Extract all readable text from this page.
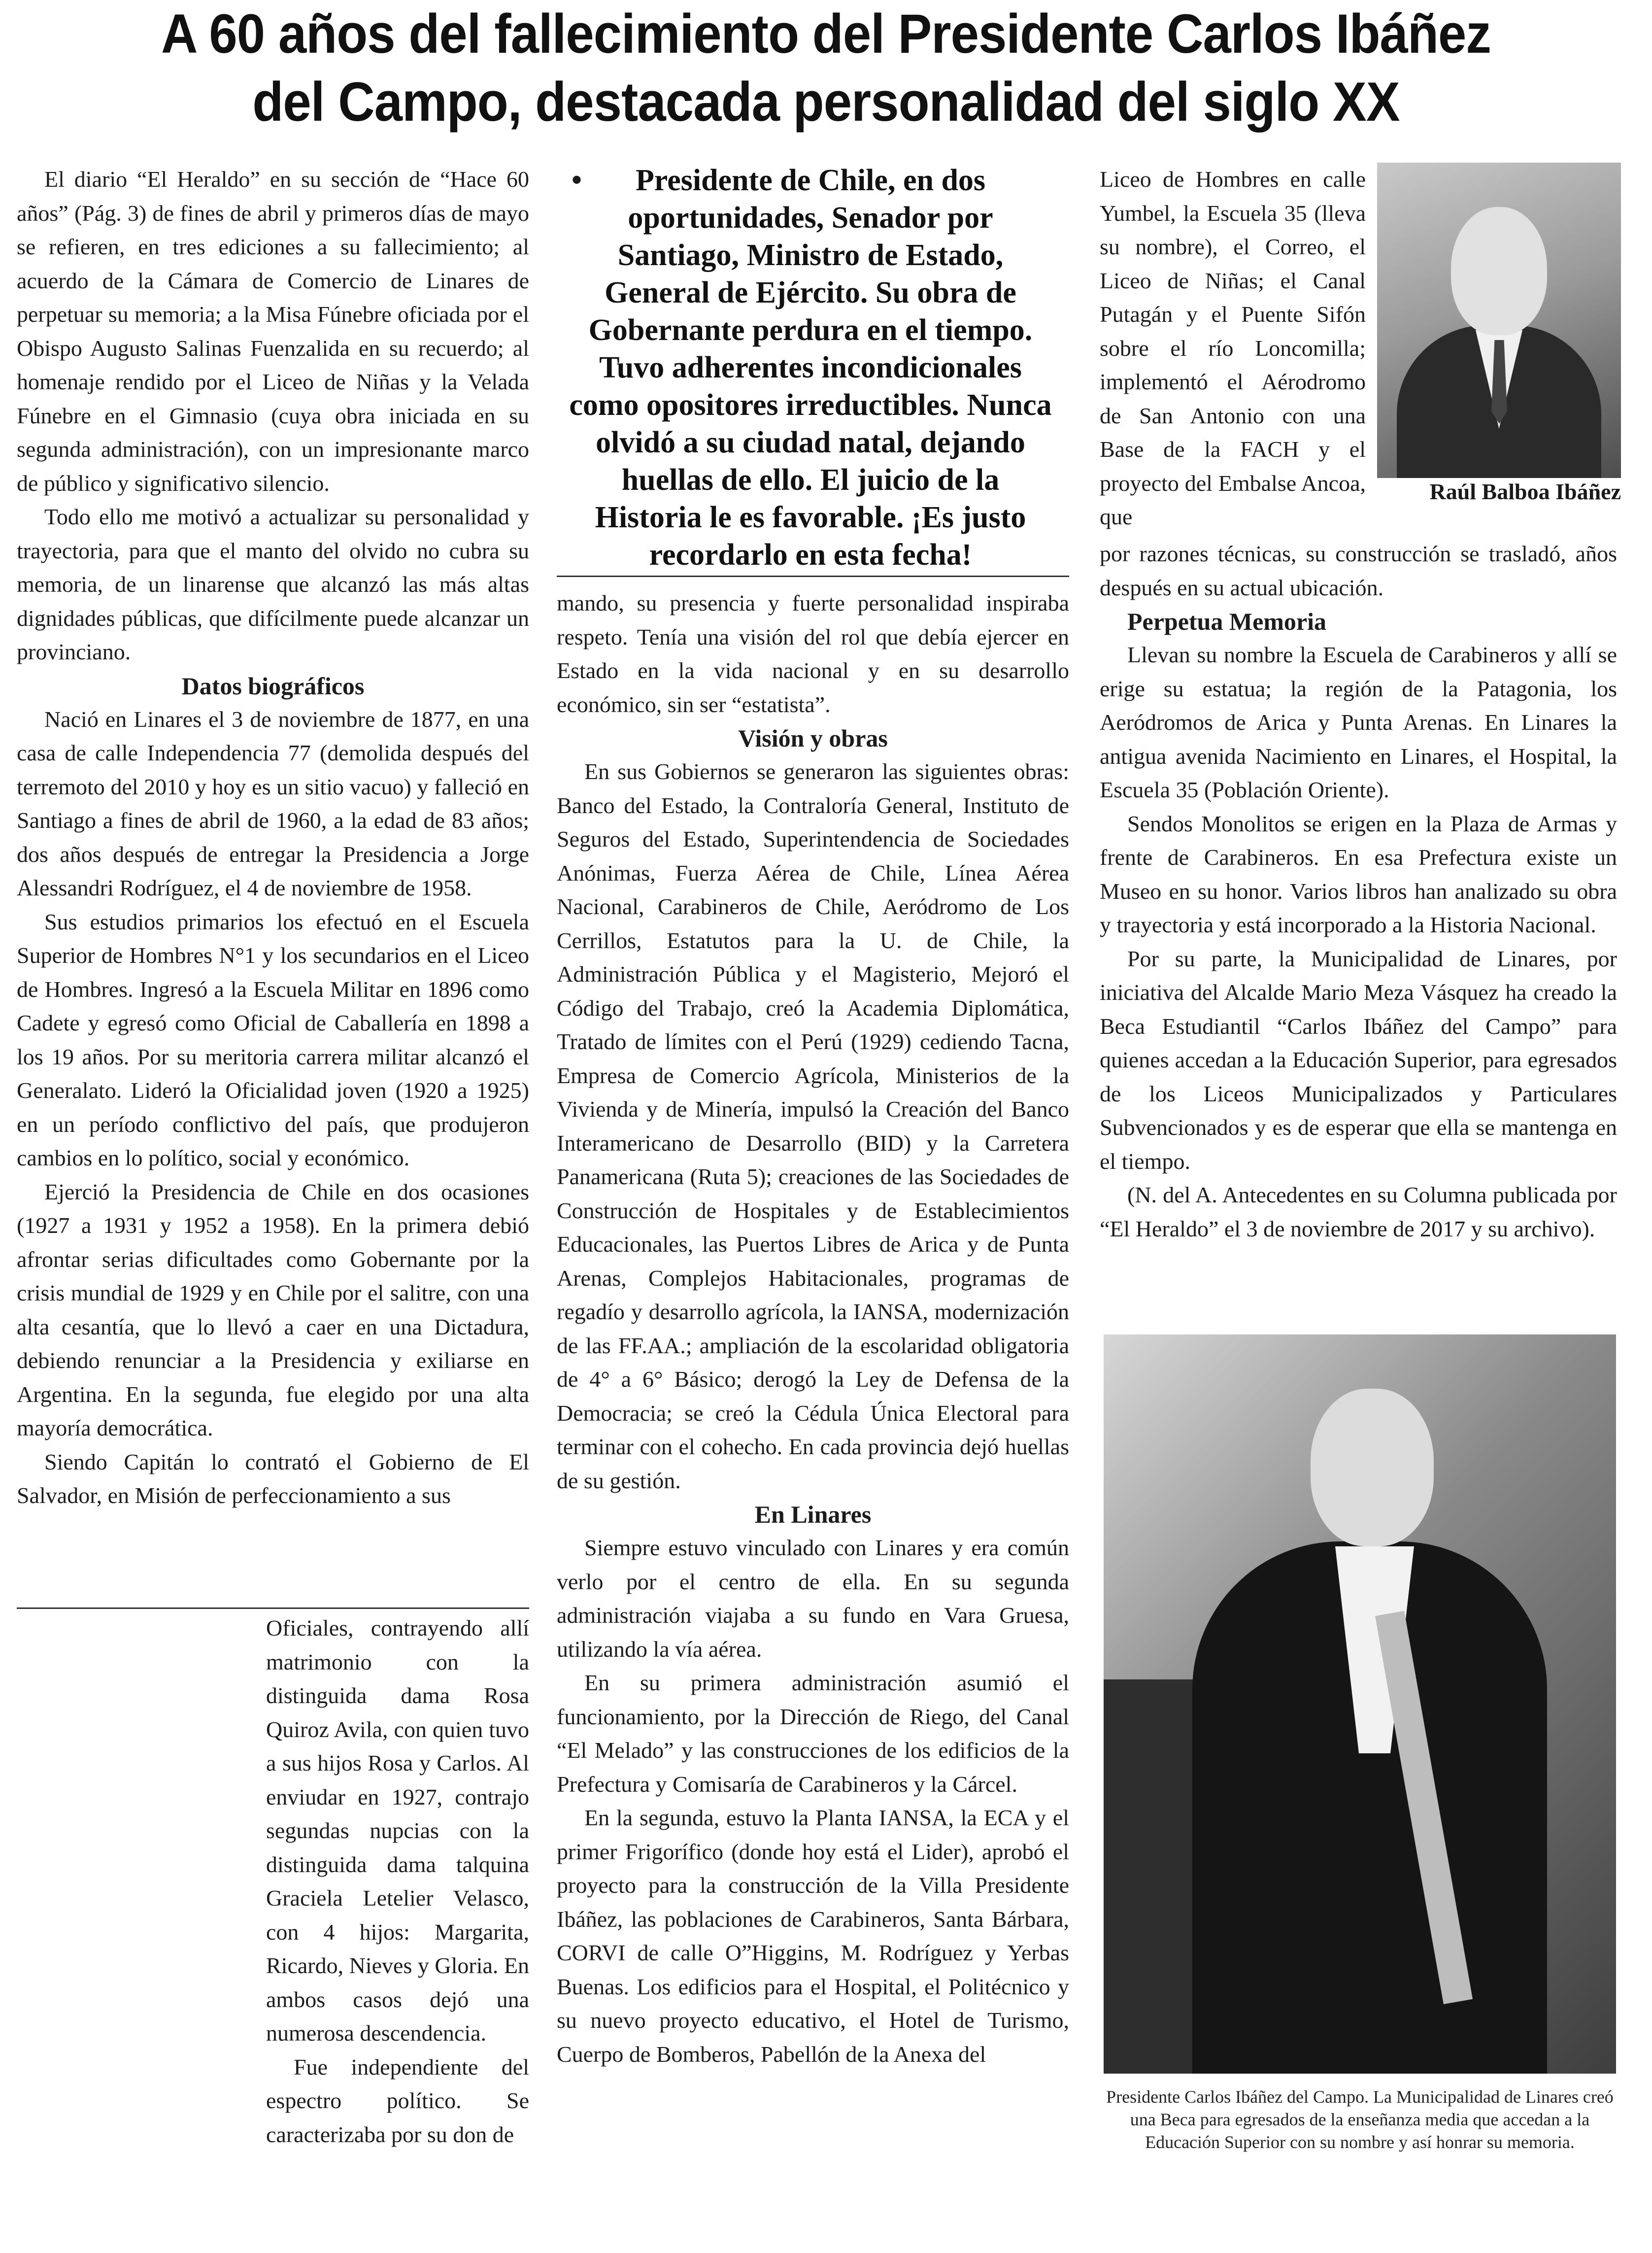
A 60 años del fallecimiento del Presidente Carlos Ibáñez
del Campo, destacada personalidad del siglo XX

El diario “El Heraldo” en su sección de “Hace 60 años” (Pág. 3) de fines de abril y primeros días de mayo se refieren, en tres ediciones a su fallecimiento; al acuerdo de la Cámara de Comercio de Linares de perpetuar su memoria; a la Misa Fúnebre oficiada por el Obispo Augusto Salinas Fuenzalida en su recuerdo; al homenaje rendido por el Liceo de Niñas y la Velada Fúnebre en el Gimnasio (cuya obra iniciada en su segunda administración), con un impresionante marco de público y significativo silencio.

Todo ello me motivó a actualizar su personalidad y trayectoria, para que el manto del olvido no cubra su memoria, de un linarense que alcanzó las más altas dignidades públicas, que difícilmente puede alcanzar un provinciano.

Datos biográficos

Nació en Linares el 3 de noviembre de 1877, en una casa de calle Independencia 77 (demolida después del terremoto del 2010 y hoy es un sitio vacuo) y falleció en Santiago a fines de abril de 1960, a la edad de 83 años; dos años después de entregar la Presidencia a Jorge Alessandri Rodríguez, el 4 de noviembre de 1958.

Sus estudios primarios los efectuó en el Escuela Superior de Hombres N°1 y los secundarios en el Liceo de Hombres. Ingresó a la Escuela Militar en 1896 como Cadete y egresó como Oficial de Caballería en 1898 a los 19 años. Por su meritoria carrera militar alcanzó el Generalato. Lideró la Oficialidad joven (1920 a 1925) en un período conflictivo del país, que produjeron cambios en lo político, social y económico.

Ejerció la Presidencia de Chile en dos ocasiones (1927 a 1931 y 1952 a 1958). En la primera debió afrontar serias dificultades como Gobernante por la crisis mundial de 1929 y en Chile por el salitre, con una alta cesantía, que lo llevó a caer en una Dictadura, debiendo renunciar a la Presidencia y exiliarse en Argentina. En la segunda, fue elegido por una alta mayoría democrática.

Siendo Capitán lo contrató el Gobierno de El Salvador, en Misión de perfeccionamiento a sus

Oficiales, contrayendo allí matrimonio con la distinguida dama Rosa Quiroz Avila, con quien tuvo a sus hijos Rosa y Carlos. Al enviudar en 1927, contrajo segundas nupcias con la distinguida dama talquina Graciela Letelier Velasco, con 4 hijos: Margarita, Ricardo, Nieves y Gloria. En ambos casos dejó una numerosa descendencia.

Fue independiente del espectro político. Se caracterizaba por su don de

•	Presidente de Chile, en dos oportunidades, Senador por Santiago, Ministro de Estado, General de Ejército. Su obra de Gobernante perdura en el tiempo. Tuvo adherentes incondicionales como opositores irreductibles. Nunca olvidó a su ciudad natal, dejando huellas de ello. El juicio de la Historia le es favorable. ¡Es justo recordarlo en esta fecha!

mando, su presencia y fuerte personalidad inspiraba respeto. Tenía una visión del rol que debía ejercer en Estado en la vida nacional y en su desarrollo económico, sin ser “estatista”.

Visión y obras

En sus Gobiernos se generaron las siguientes obras: Banco del Estado, la Contraloría General, Instituto de Seguros del Estado, Superintendencia de Sociedades Anónimas, Fuerza Aérea de Chile, Línea Aérea Nacional, Carabineros de Chile, Aeródromo de Los Cerrillos, Estatutos para la U. de Chile, la Administración Pública y el Magisterio, Mejoró el Código del Trabajo, creó la Academia Diplomática, Tratado de límites con el Perú (1929) cediendo Tacna, Empresa de Comercio Agrícola, Ministerios de la Vivienda y de Minería, impulsó la Creación del Banco Interamericano de Desarrollo (BID) y la Carretera Panamericana (Ruta 5); creaciones de las Sociedades de Construcción de Hospitales y de Establecimientos Educacionales, las Puertos Libres de Arica y de Punta Arenas, Complejos Habitacionales, programas de regadío y desarrollo agrícola, la IANSA, modernización de las FF.AA.; ampliación de la escolaridad obligatoria de 4° a 6° Básico; derogó la Ley de Defensa de la Democracia; se creó la Cédula Única Electoral para terminar con el cohecho. En cada provincia dejó huellas de su gestión.

En Linares

Siempre estuvo vinculado con Linares y era común verlo por el centro de ella. En su segunda administración viajaba a su fundo en Vara Gruesa, utilizando la vía aérea.

En su primera administración asumió el funcionamiento, por la Dirección de Riego, del Canal “El Melado” y las construcciones de los edificios de la Prefectura y Comisaría de Carabineros y la Cárcel.

En la segunda, estuvo la Planta IANSA, la ECA y el primer Frigorífico (donde hoy está el Lider), aprobó el proyecto para la construcción de la Villa Presidente Ibáñez, las poblaciones de Carabineros, Santa Bárbara, CORVI de calle O”Higgins, M. Rodríguez y Yerbas Buenas. Los edificios para el Hospital, el Politécnico y su nuevo proyecto educativo, el Hotel de Turismo, Cuerpo de Bomberos, Pabellón de la Anexa del

Raúl Balboa Ibáñez

Liceo de Hombres en calle Yumbel, la Escuela 35 (lleva su nombre), el Correo, el Liceo de Niñas; el Canal Putagán y el Puente Sifón sobre el río Loncomilla; implementó el Aérodromo de San Antonio con una Base de la FACH y el proyecto del Embalse Ancoa, que

por razones técnicas, su construcción se trasladó, años después en su actual ubicación.

Perpetua Memoria

Llevan su nombre la Escuela de Carabineros y allí se erige su estatua; la región de la Patagonia, los Aeródromos de Arica y Punta Arenas. En Linares la antigua avenida Nacimiento en Linares, el Hospital, la Escuela 35 (Población Oriente).

Sendos Monolitos se erigen en la Plaza de Armas y frente de Carabineros. En esa Prefectura existe un Museo en su honor. Varios libros han analizado su obra y trayectoria y está incorporado a la Historia Nacional.

Por su parte, la Municipalidad de Linares, por iniciativa del Alcalde Mario Meza Vásquez ha creado la Beca Estudiantil “Carlos Ibáñez del Campo” para quienes accedan a la Educación Superior, para egresados de los Liceos Municipalizados y Particulares Subvencionados y es de esperar que ella se mantenga en el tiempo.

(N. del A. Antecedentes en su Columna publicada por “El Heraldo” el 3 de noviembre de 2017 y su archivo).

Presidente Carlos Ibáñez del Campo. La Municipalidad de Linares creó una Beca para egresados de la enseñanza media que accedan a la Educación Superior con su nombre y así honrar su memoria.
